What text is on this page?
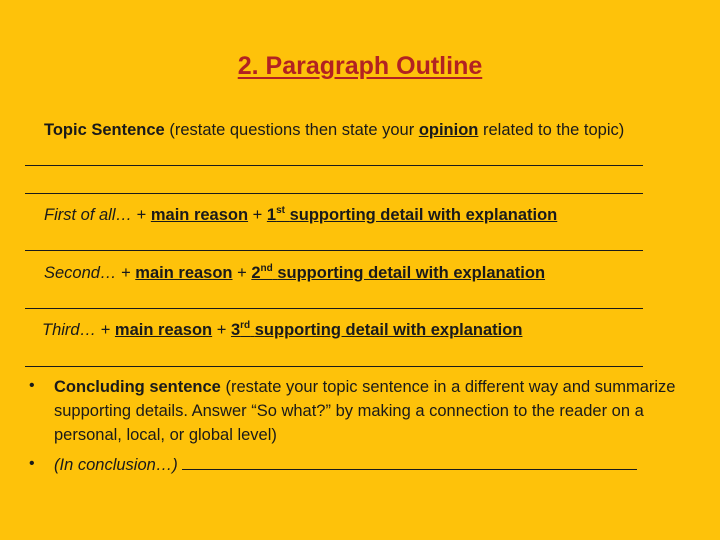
2. Paragraph Outline
Topic Sentence (restate questions then state your opinion related to the topic)
First of all… + main reason + 1st supporting detail with explanation
Second… + main reason + 2nd supporting detail with explanation
Third… + main reason + 3rd supporting detail with explanation
• Concluding sentence (restate your topic sentence in a different way and summarize supporting details. Answer “So what?” by making a connection to the reader on a personal, local, or global level)
• (In conclusion…)
